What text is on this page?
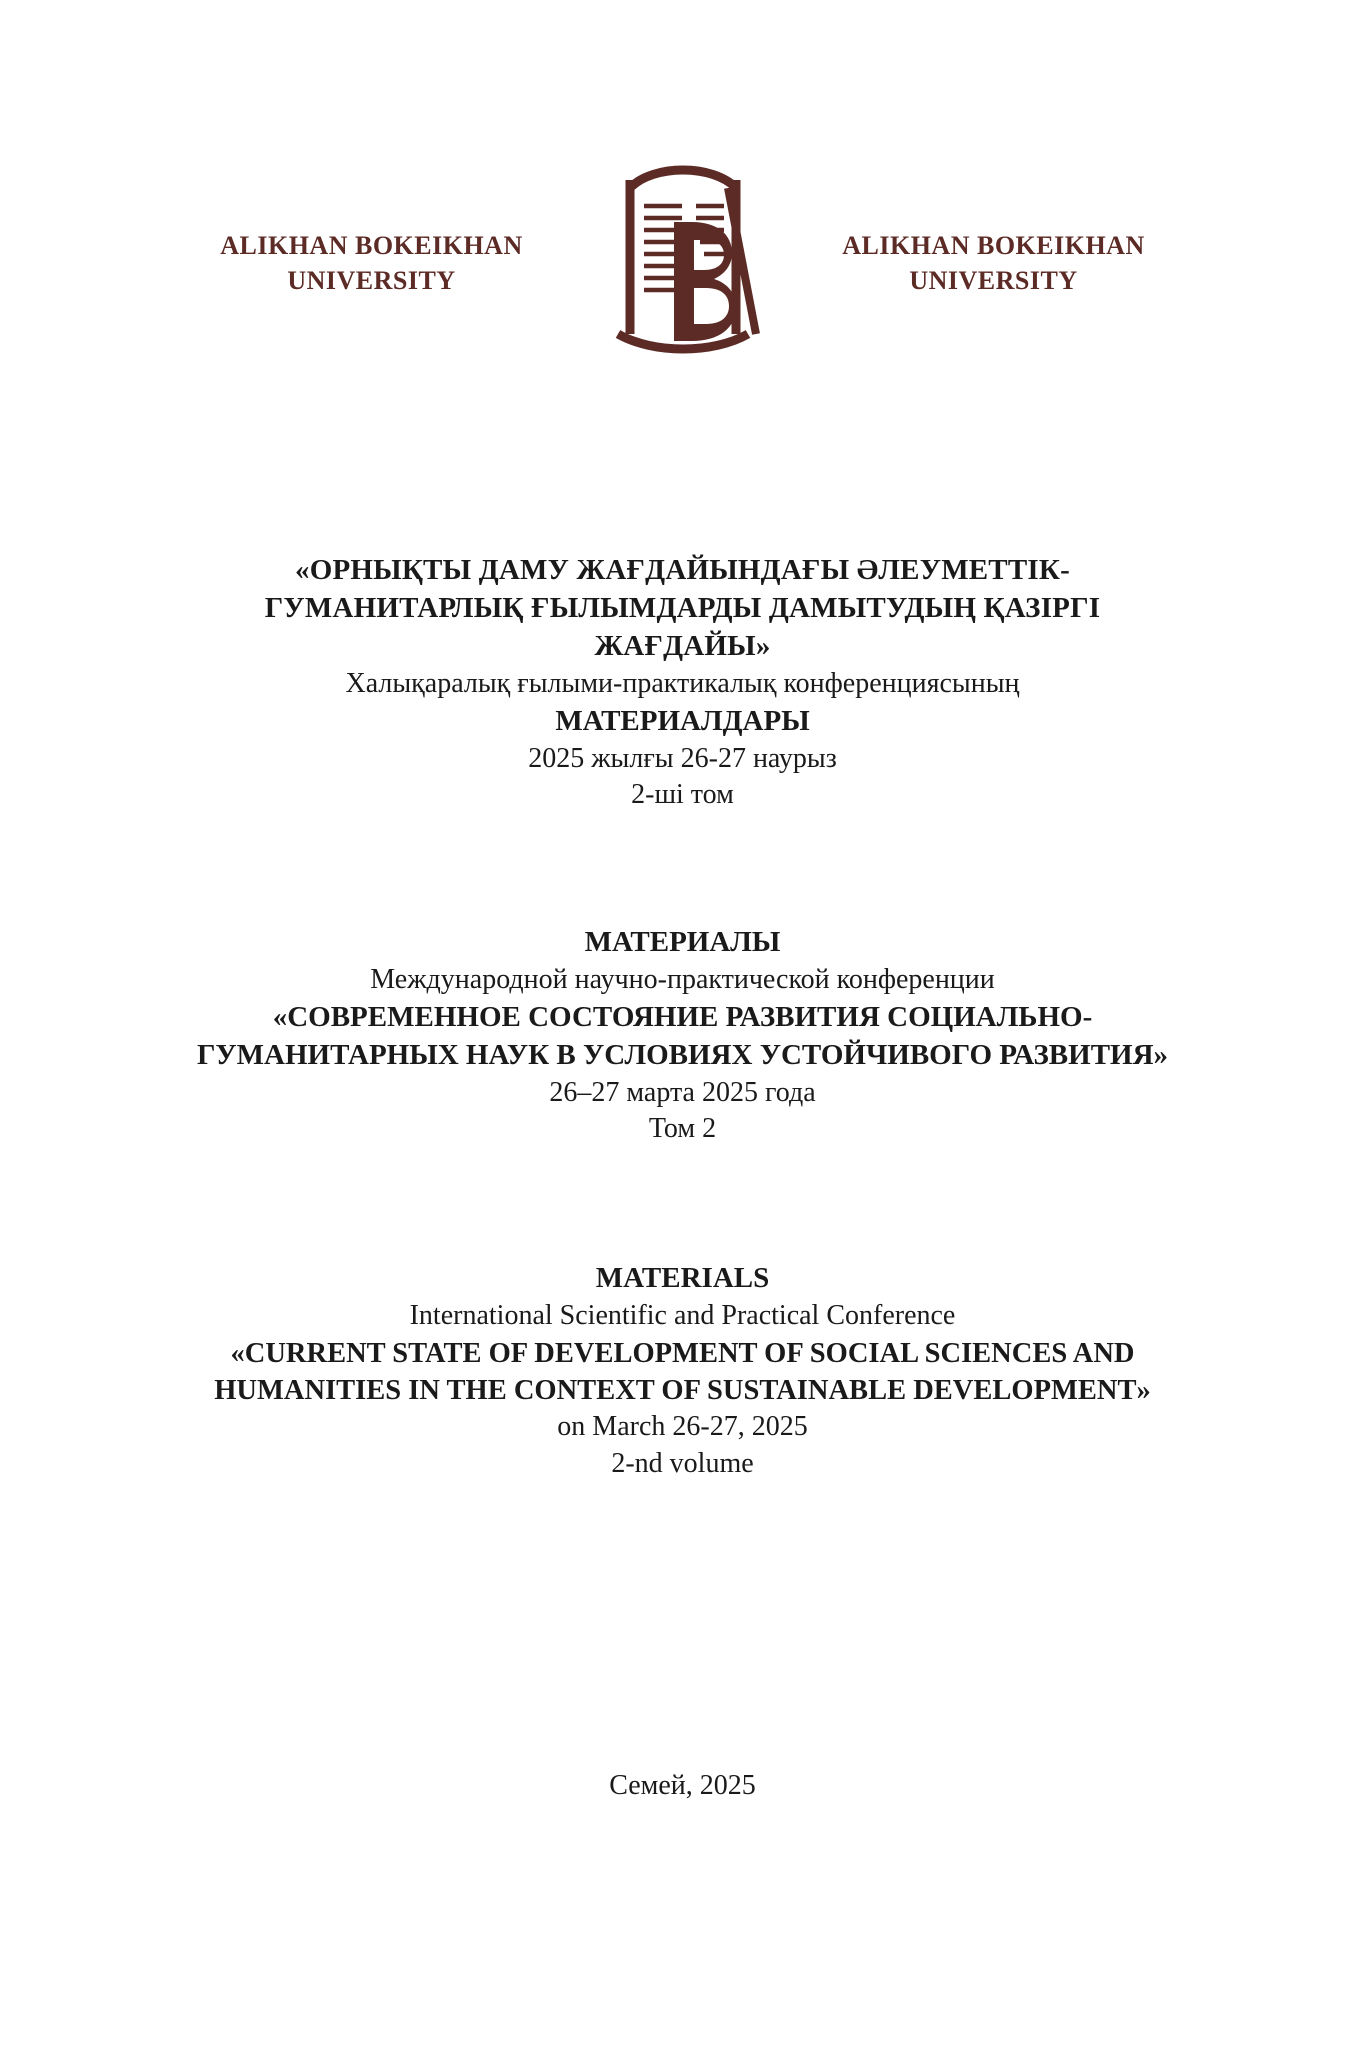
ALIKHAN BOKEIKHAN UNIVERSITY
ALIKHAN BOKEIKHAN UNIVERSITY
«ОРНЫҚТЫ ДАМУ ЖАҒДАЙЫНДАҒЫ ӘЛЕУМЕТТІК-
ГУМАНИТАРЛЫҚ ҒЫЛЫМДАРДЫ ДАМЫТУДЫҢ ҚАЗІРГІ
ЖАҒДАЙЫ»
Халықаралық ғылыми-практикалық конференциясының
МАТЕРИАЛДАРЫ
2025 жылғы 26-27 наурыз
2-ші том
МАТЕРИАЛЫ
Международной научно-практической конференции
«СОВРЕМЕННОЕ СОСТОЯНИЕ РАЗВИТИЯ СОЦИАЛЬНО-
ГУМАНИТАРНЫХ НАУК В УСЛОВИЯХ УСТОЙЧИВОГО РАЗВИТИЯ»
26–27 марта 2025 года
Том 2
MATERIALS
International Scientific and Practical Conference
«CURRENT STATE OF DEVELOPMENT OF SOCIAL SCIENCES AND
HUMANITIES IN THE CONTEXT OF SUSTAINABLE DEVELOPMENT»
on March 26-27, 2025
2-nd volume
Семей, 2025
